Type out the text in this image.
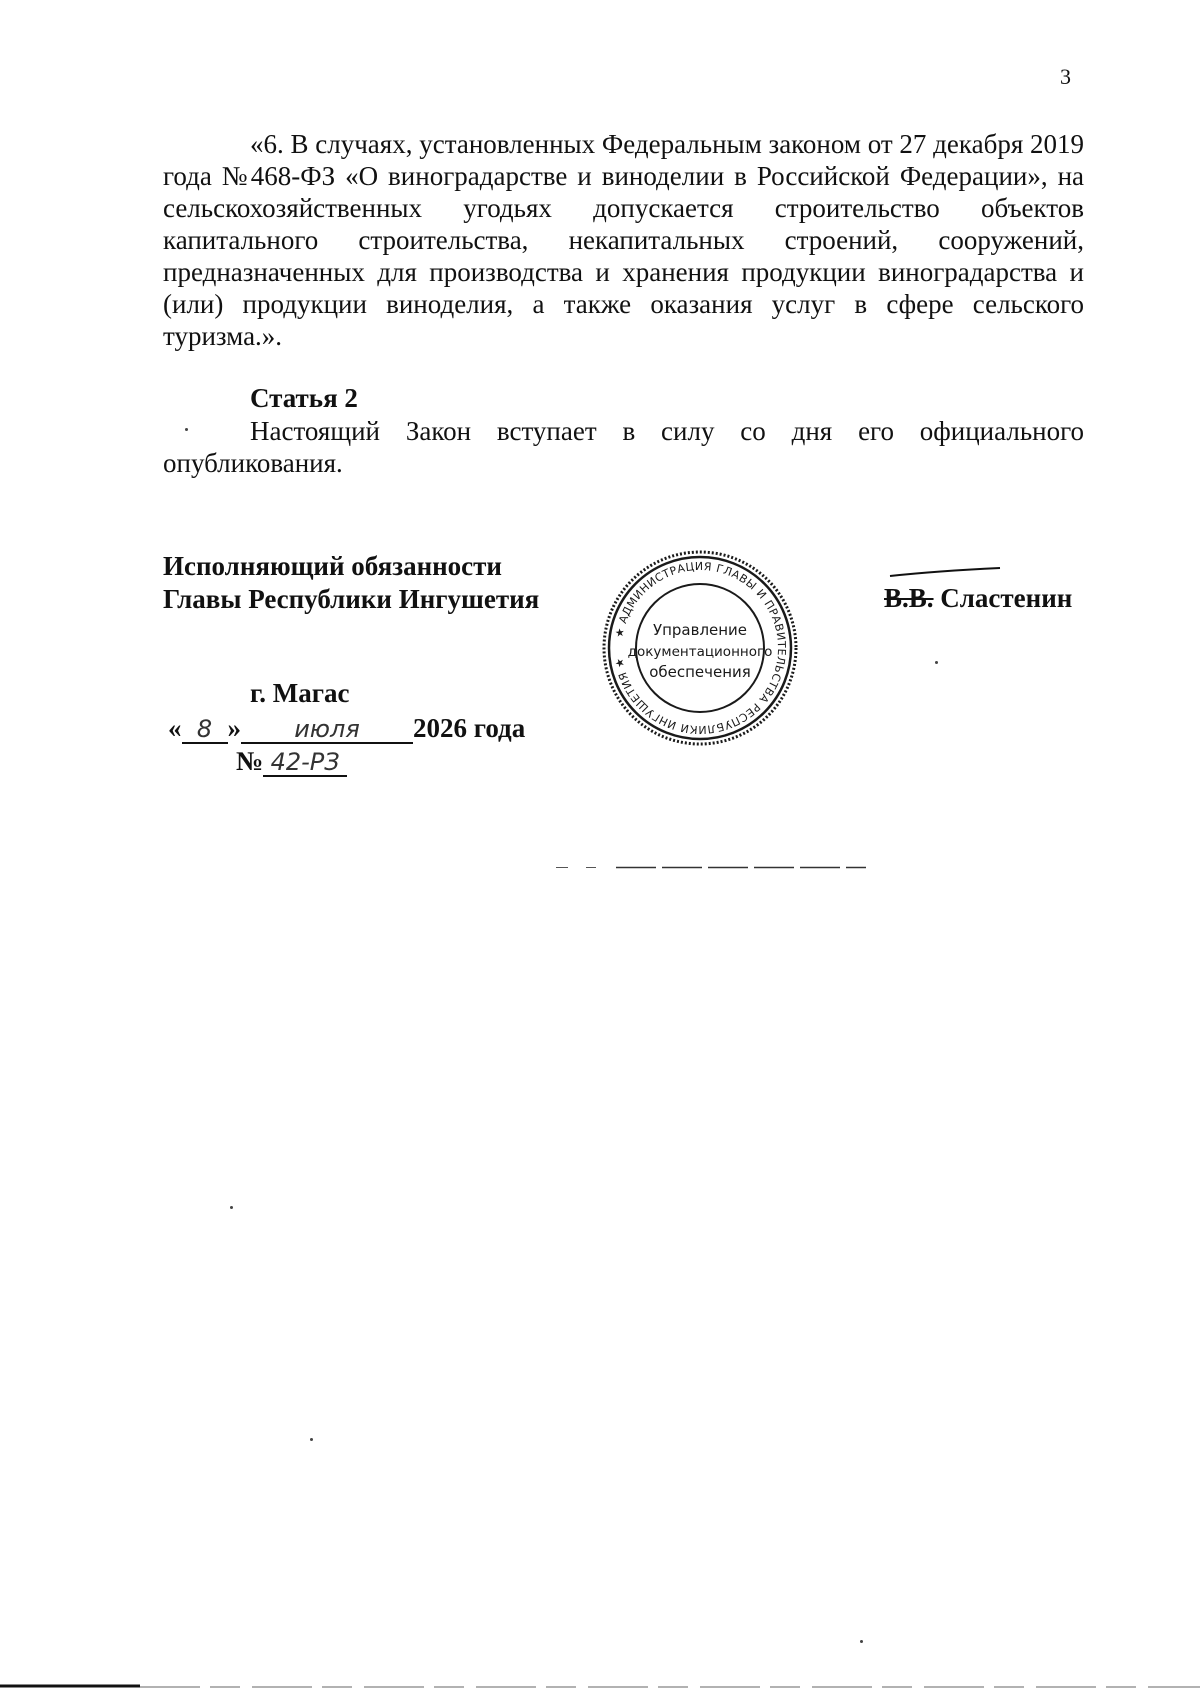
3

«6. В случаях, установленных Федеральным законом от 27 декабря 2019 года №468-ФЗ «О виноградарстве и виноделии в Российской Федерации», на сельскохозяйственных угодьях допускается строительство объектов капитального строительства, некапитальных строений, сооружений, предназначенных для производства и хранения продукции виноградарства и (или) продукции виноделия, а также оказания услуг в сфере сельского туризма.».

Статья 2

Настоящий Закон вступает в силу со дня его официального опубликования.

Исполняющий обязанности
Главы Республики Ингушетия	В.В. Сластенин
г. Магас
« 8 » июля 2026 года
№ 42-РЗ
★ АДМИНИСТРАЦИЯ ГЛАВЫ И ПРАВИТЕЛЬСТВА РЕСПУБЛИКИ ИНГУШЕТИЯ ★
Управление
документационного
обеспечения
